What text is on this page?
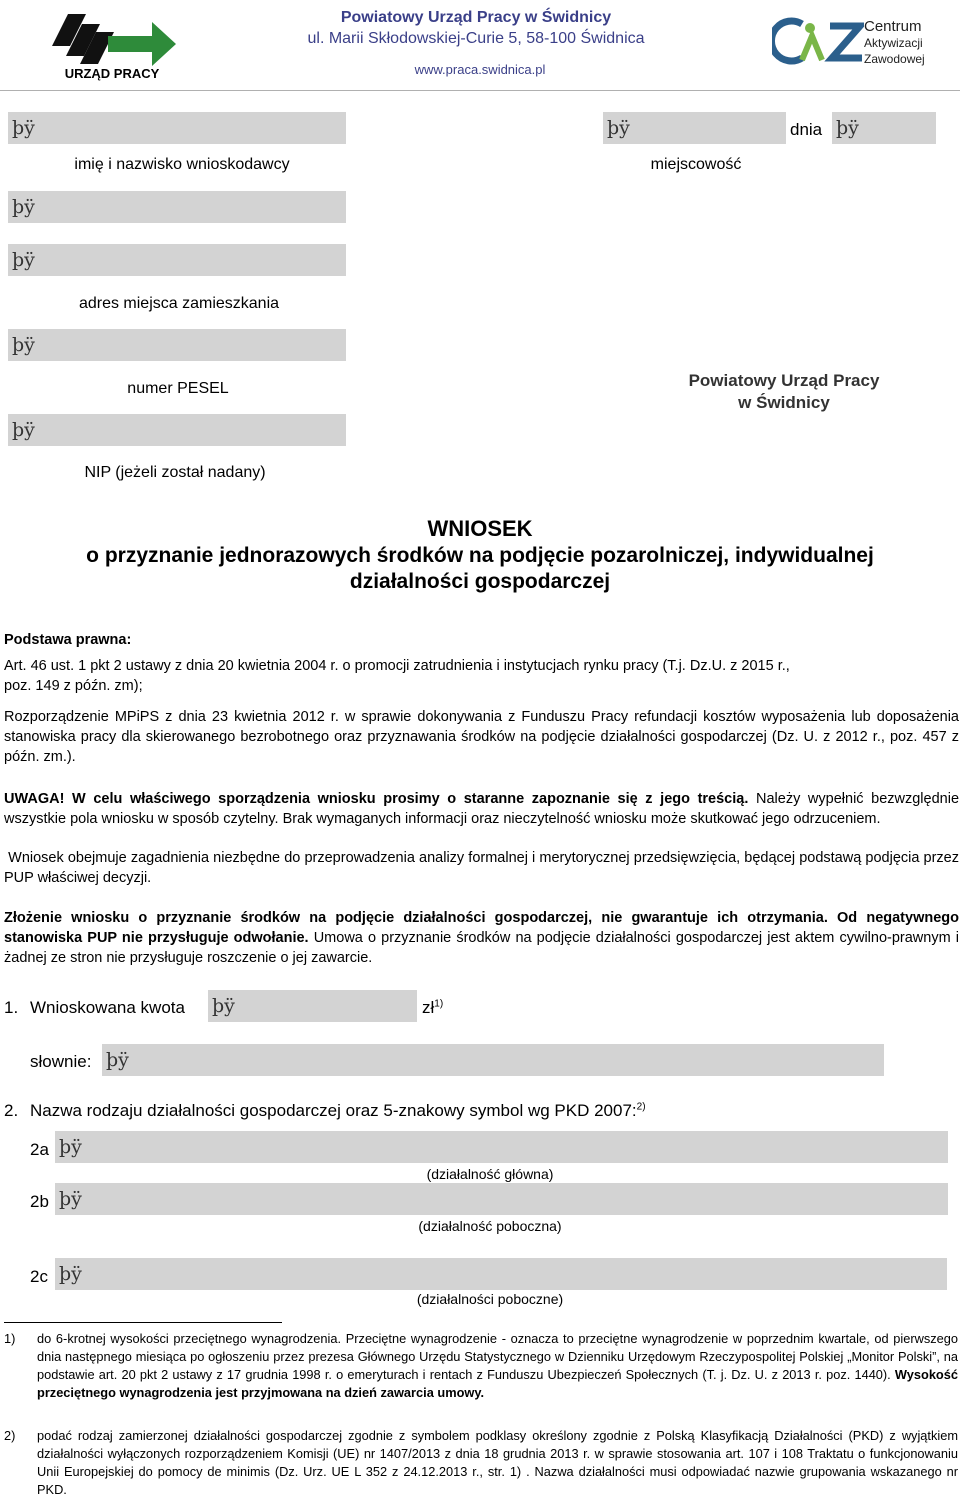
URZĄD PRACY
Powiatowy Urząd Pracy w Świdnicy
ul. Marii Skłodowskiej-Curie 5, 58-100 Świdnica
www.praca.swidnica.pl
Centrum
Aktywizacji
Zawodowej
þÿ
imię i nazwisko wnioskodawcy
þÿ	dnia þÿ
miejscowość
þÿ
þÿ
adres miejsca zamieszkania
þÿ
numer PESEL
þÿ
NIP (jeżeli został nadany)
Powiatowy Urząd Pracy
w Świdnicy
WNIOSEK
o przyznanie jednorazowych środków na podjęcie pozarolniczej, indywidualnej
działalności gospodarczej
Podstawa prawna:
Art. 46 ust. 1 pkt 2 ustawy z dnia 20 kwietnia 2004 r. o promocji zatrudnienia i instytucjach rynku pracy (T.j. Dz.U. z 2015 r.,
poz. 149 z późn. zm);
Rozporządzenie MPiPS z dnia 23 kwietnia 2012 r. w sprawie dokonywania z Funduszu Pracy refundacji kosztów wyposażenia lub doposażenia stanowiska pracy dla skierowanego bezrobotnego oraz przyznawania środków na podjęcie działalności gospodarczej (Dz. U. z 2012 r., poz. 457 z późn. zm.).
UWAGA! W celu właściwego sporządzenia wniosku prosimy o staranne zapoznanie się z jego treścią. Należy wypełnić bezwzględnie wszystkie pola wniosku w sposób czytelny. Brak wymaganych informacji oraz nieczytelność wniosku może skutkować jego odrzuceniem.
Wniosek obejmuje zagadnienia niezbędne do przeprowadzenia analizy formalnej i merytorycznej przedsięwzięcia, będącej podstawą podjęcia przez PUP właściwej decyzji.
Złożenie wniosku o przyznanie środków na podjęcie działalności gospodarczej, nie gwarantuje ich otrzymania. Od negatywnego stanowiska PUP nie przysługuje odwołanie. Umowa o przyznanie środków na podjęcie działalności gospodarczej jest aktem cywilno-prawnym i żadnej ze stron nie przysługuje roszczenie o jej zawarcie.
1. Wnioskowana kwota þÿ	$zł^{1)}$
słownie: þÿ
2. Nazwa rodzaju działalności gospodarczej oraz 5-znakowy symbol wg PKD 2007:$^{2)}$
2a þÿ
(działalność główna)
2b þÿ
(działalność poboczna)
2c þÿ
(działalności poboczne)
1) do 6-krotnej wysokości przeciętnego wynagrodzenia. Przeciętne wynagrodzenie - oznacza to przeciętne wynagrodzenie w poprzednim kwartale, od pierwszego dnia następnego miesiąca po ogłoszeniu przez prezesa Głównego Urzędu Statystycznego w Dzienniku Urzędowym Rzeczypospolitej Polskiej „Monitor Polski”, na podstawie art. 20 pkt 2 ustawy z 17 grudnia 1998 r. o emeryturach i rentach z Funduszu Ubezpieczeń Społecznych (T. j. Dz. U. z 2013 r. poz. 1440). Wysokość przeciętnego wynagrodzenia jest przyjmowana na dzień zawarcia umowy.
2) podać rodzaj zamierzonej działalności gospodarczej zgodnie z symbolem podklasy określony zgodnie z Polską Klasyfikacją Działalności (PKD) z wyjątkiem działalności wyłączonych rozporządzeniem Komisji (UE) nr 1407/2013 z dnia 18 grudnia 2013 r. w sprawie stosowania art. 107 i 108 Traktatu o funkcjonowaniu Unii Europejskiej do pomocy de minimis (Dz. Urz. UE L 352 z 24.12.2013 r., str. 1) . Nazwa działalności musi odpowiadać nazwie grupowania wskazanego nr PKD.
